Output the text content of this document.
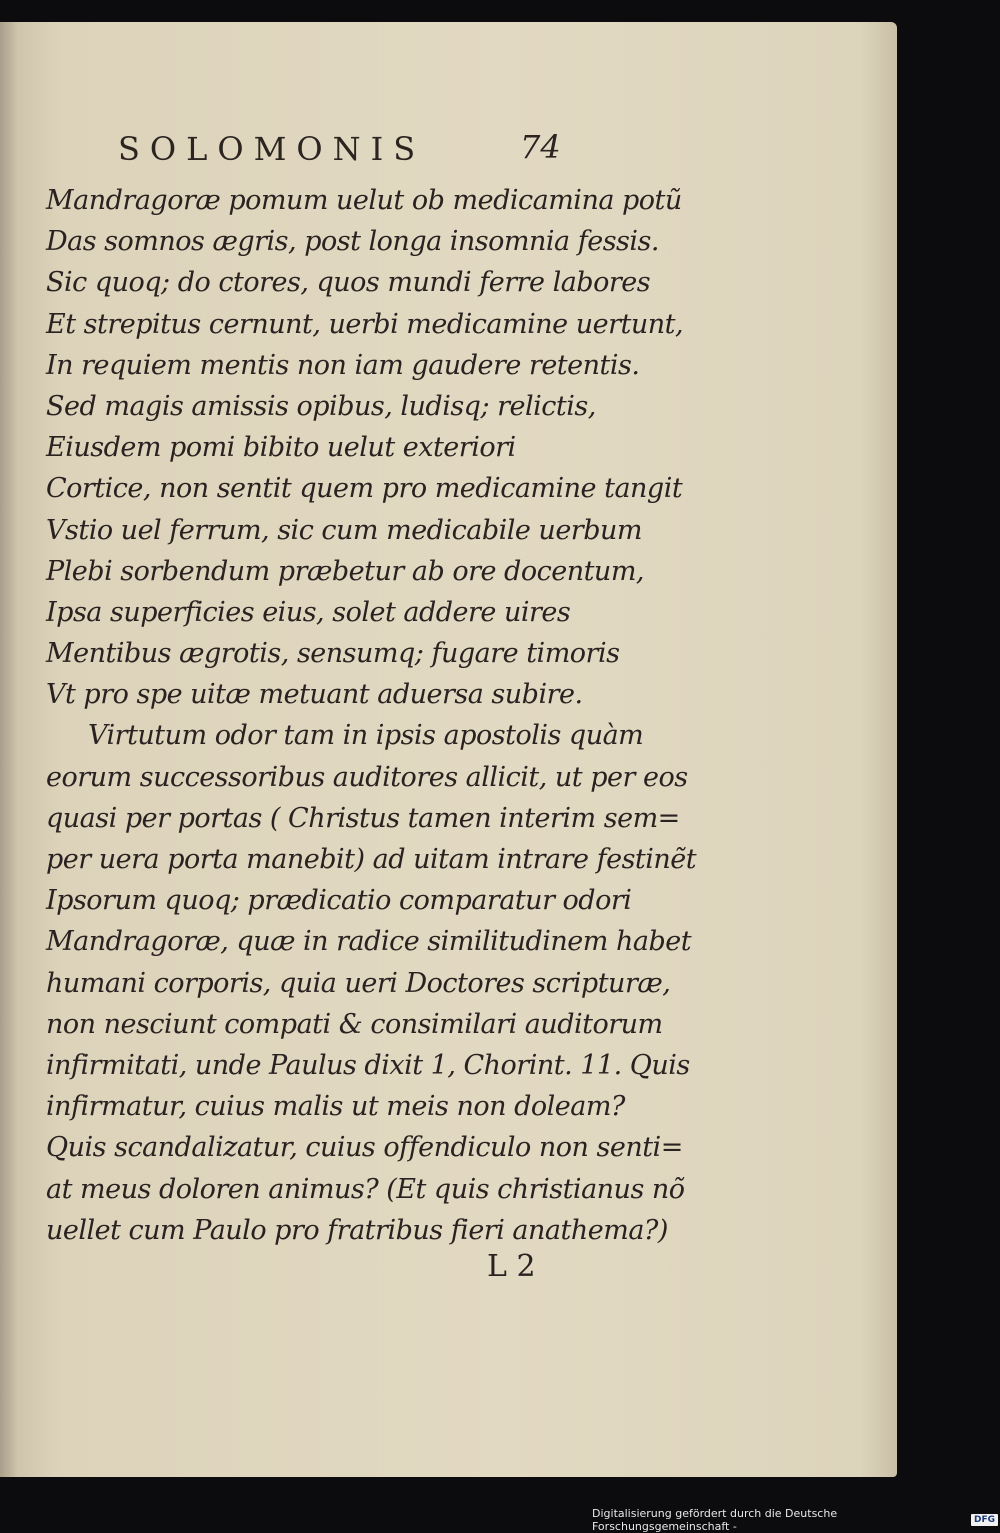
SOLOMONIS	74
Mandragoræ pomum uelut ob medicamina potũ
Das somnos ægris, post longa insomnia fessis.
Sic quoq; do ctores, quos mundi ferre labores
Et strepitus cernunt, uerbi medicamine uertunt,
In requiem mentis non iam gaudere retentis.
Sed magis amissis opibus, ludisq; relictis,
Eiusdem pomi bibito uelut exteriori
Cortice, non sentit quem pro medicamine tangit
Vstio uel ferrum, sic cum medicabile uerbum
Plebi sorbendum præbetur ab ore docentum,
Ipsa superficies eius, solet addere uires
Mentibus ægrotis, sensumq; fugare timoris
Vt pro spe uitæ metuant aduersa subire.
Virtutum odor tam in ipsis apostolis quàm
eorum successoribus auditores allicit, ut per eos
quasi per portas ( Christus tamen interim sem=
per uera porta manebit) ad uitam intrare festinẽt
Ipsorum quoq; prædicatio comparatur odori
Mandragoræ, quæ in radice similitudinem habet
humani corporis, quia ueri Doctores scripturæ,
non nesciunt compati & consimilari auditorum
infirmitati, unde Paulus dixit 1, Chorint. 11. Quis
infirmatur, cuius malis ut meis non doleam?
Quis scandalizatur, cuius offendiculo non senti=
at meus doloren animus? (Et quis christianus nõ
uellet cum Paulo pro fratribus fieri anathema?)
L 2
Digitalisierung gefördert durch die Deutsche Forschungsgemeinschaft -	DFG
